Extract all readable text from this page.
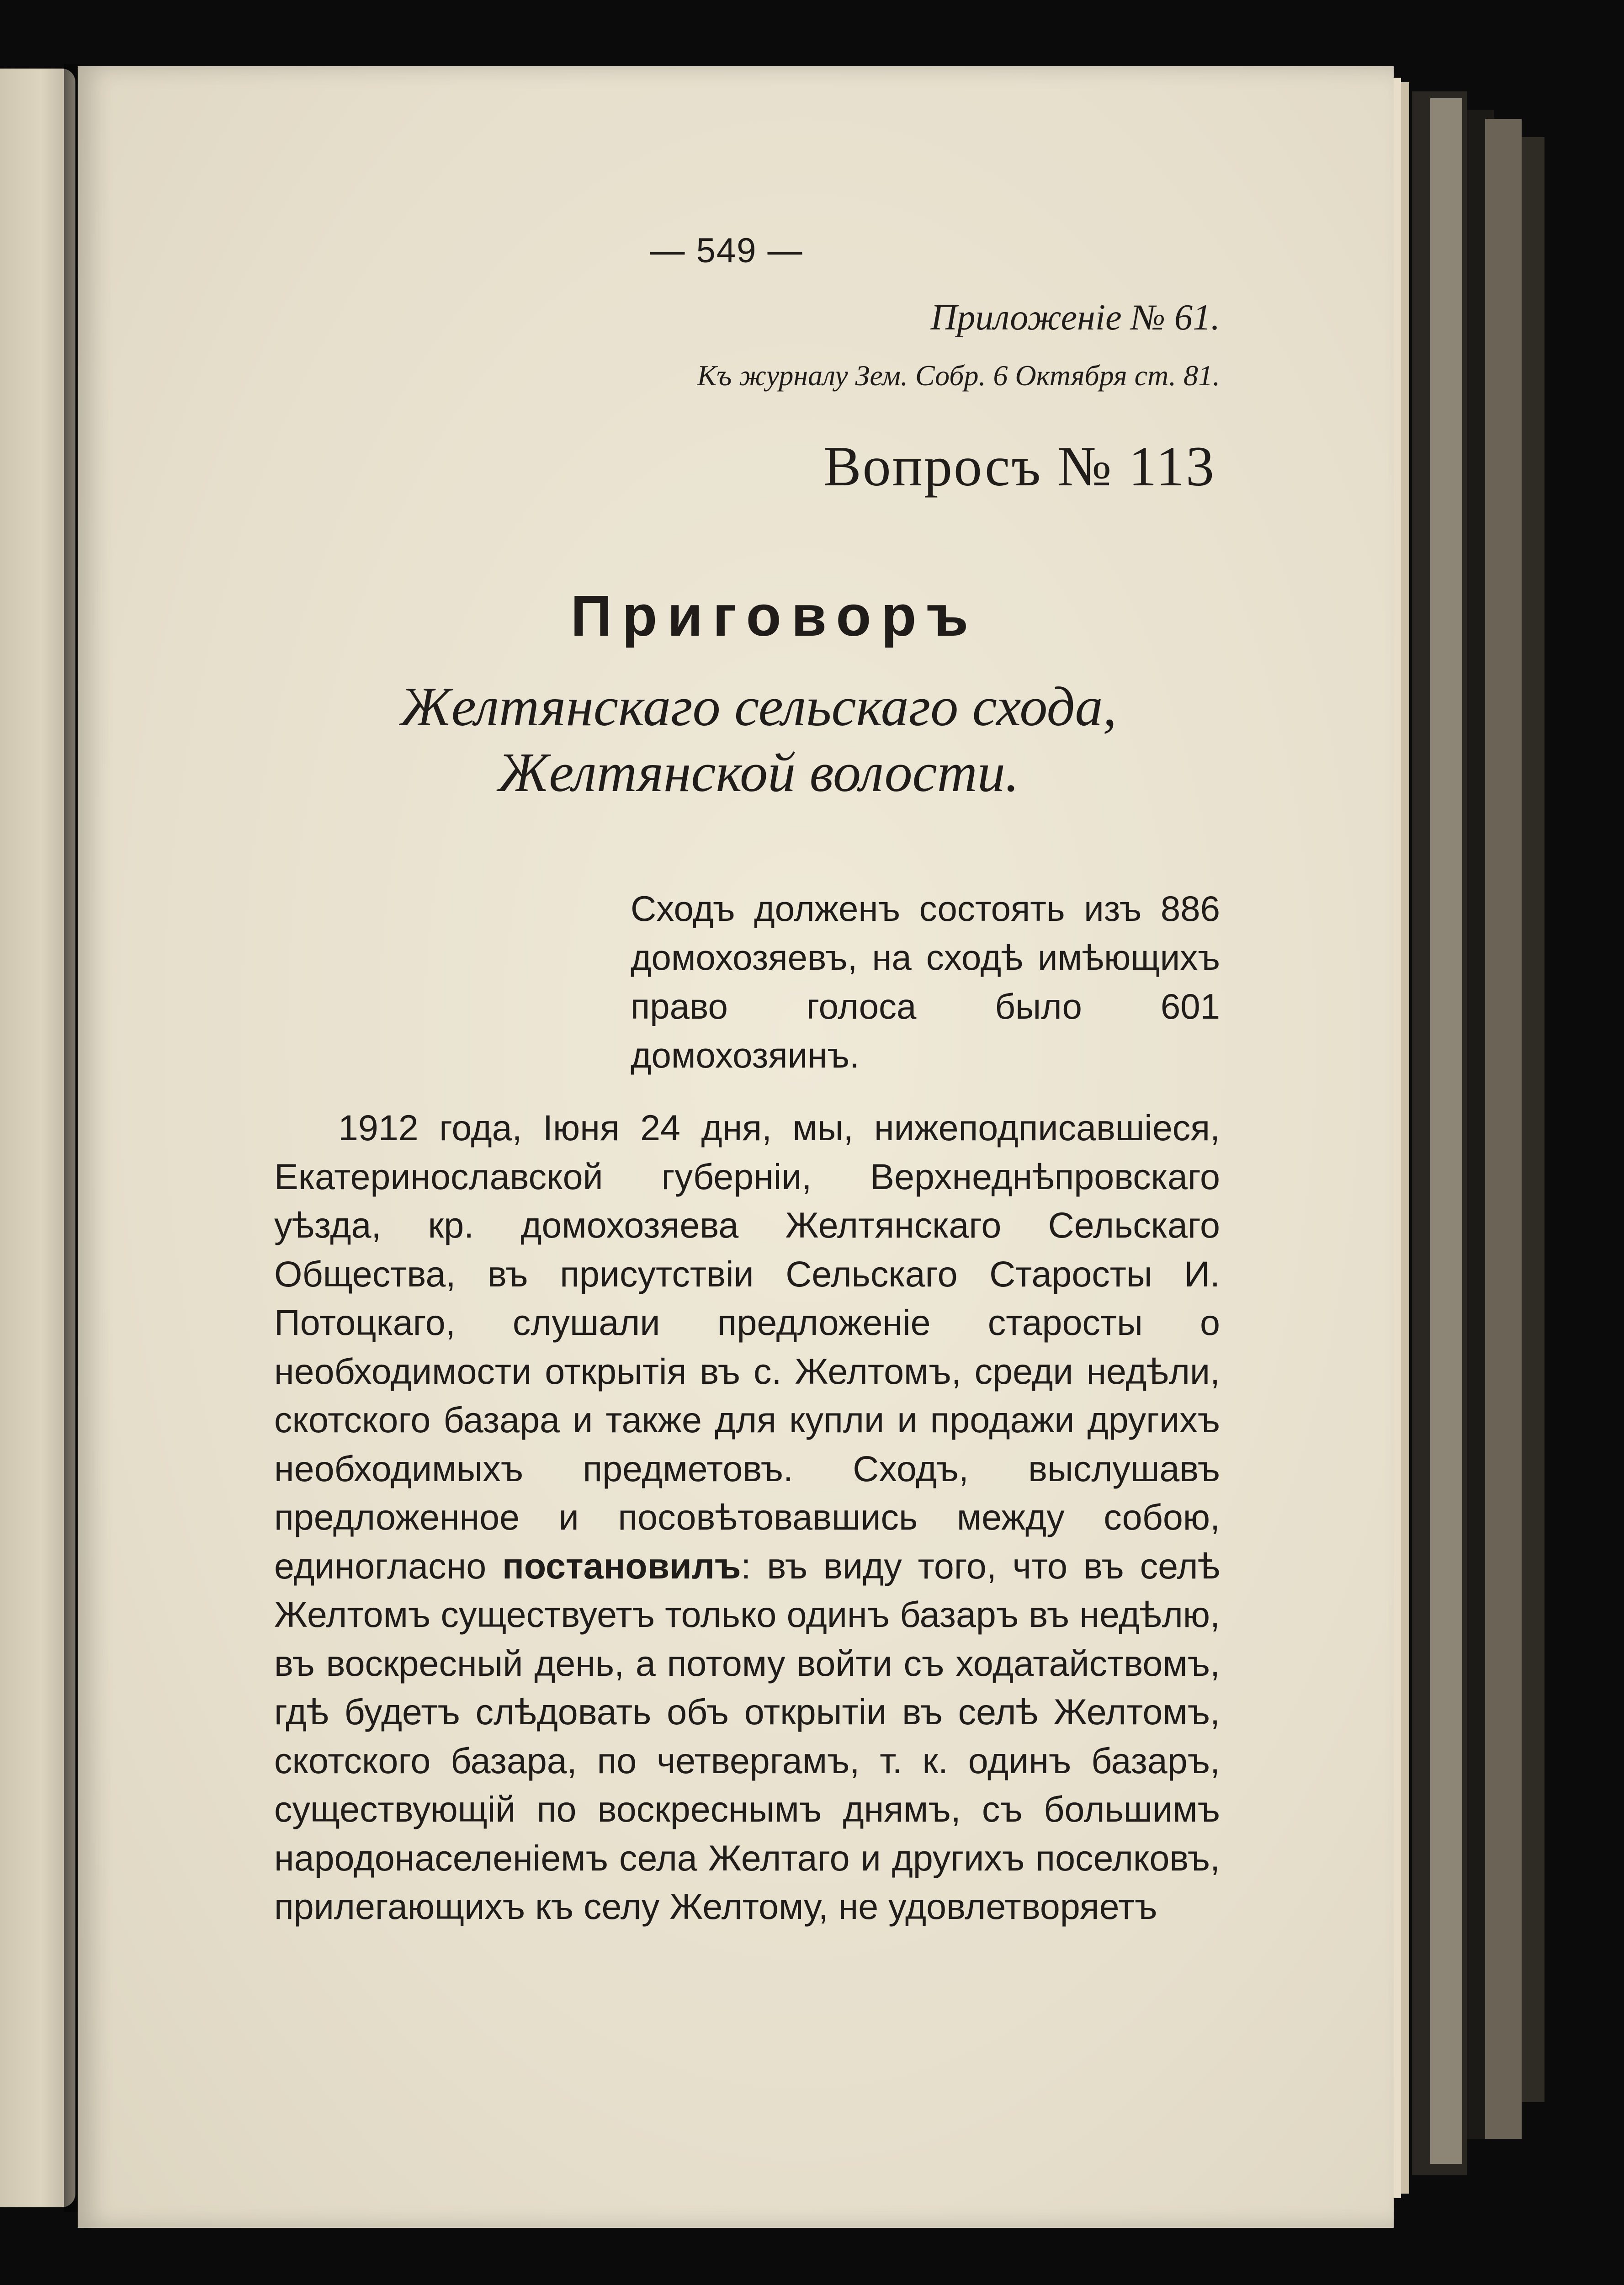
— 549 —
Приложеніе № 61.
Къ журналу Зем. Собр. 6 Октября ст. 81.
Вопросъ № 113
Приговоръ
Желтянскаго сельскаго схода, Желтянской волости.
Сходъ долженъ состоять изъ 886 домохозяевъ, на сходѣ имѣющихъ право голоса было 601 домохозяинъ.
1912 года, Іюня 24 дня, мы, нижеподписавшіеся, Екатеринославской губерніи, Верхнеднѣпровскаго уѣзда, кр. домохозяева Желтянскаго Сельскаго Общества, въ присутствіи Сельскаго Старосты И. Потоцкаго, слушали предложеніе старосты о необходимости открытія въ с. Желтомъ, среди недѣли, скотского базара и также для купли и продажи другихъ необходимыхъ предметовъ. Сходъ, выслушавъ предложенное и посовѣтовавшись между собою, единогласно постановилъ: въ виду того, что въ селѣ Желтомъ существуетъ только одинъ базаръ въ недѣлю, въ воскресный день, а потому войти съ ходатайствомъ, гдѣ будетъ слѣдовать объ открытіи въ селѣ Желтомъ, скотского базара, по четвергамъ, т. к. одинъ базаръ, существующій по воскреснымъ днямъ, съ большимъ народонаселеніемъ села Желтаго и другихъ поселковъ, прилегающихъ къ селу Желтому, не удовлетворяетъ
